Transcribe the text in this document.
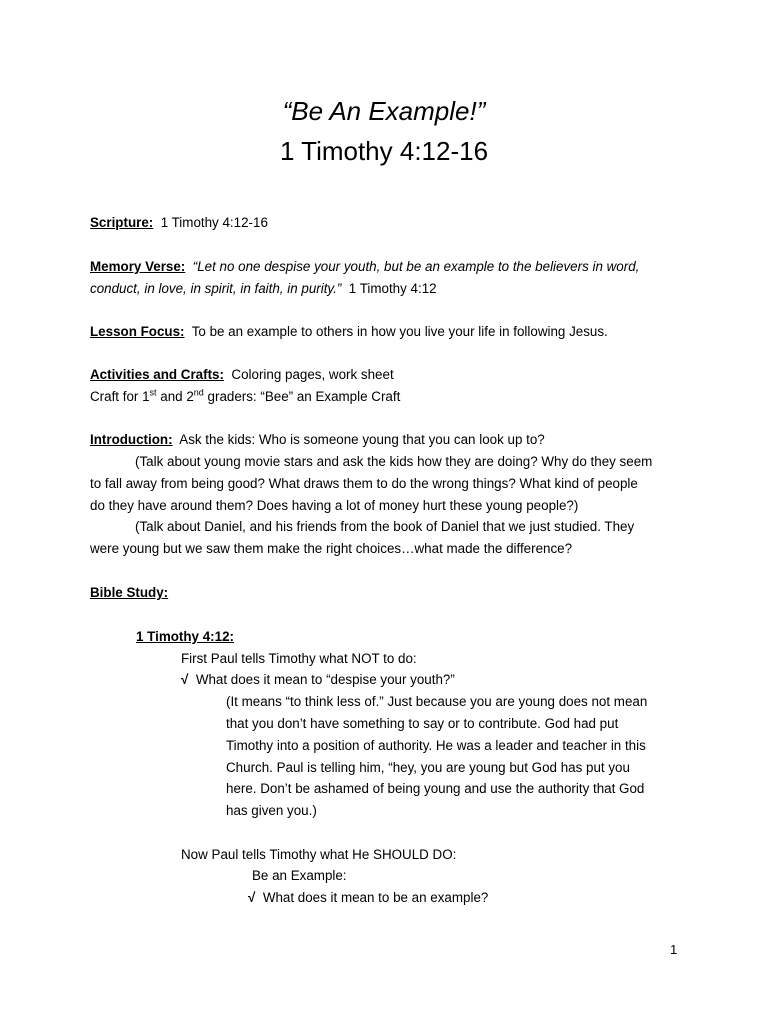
“Be An Example!”
1 Timothy 4:12-16
Scripture: 1 Timothy 4:12-16
Memory Verse: “Let no one despise your youth, but be an example to the believers in word,
conduct, in love, in spirit, in faith, in purity.” 1 Timothy 4:12
Lesson Focus: To be an example to others in how you live your life in following Jesus.
Activities and Crafts: Coloring pages, work sheet
Craft for 1st and 2nd graders: “Bee” an Example Craft
Introduction: Ask the kids: Who is someone young that you can look up to?
(Talk about young movie stars and ask the kids how they are doing? Why do they seem
to fall away from being good? What draws them to do the wrong things? What kind of people
do they have around them? Does having a lot of money hurt these young people?)
(Talk about Daniel, and his friends from the book of Daniel that we just studied. They
were young but we saw them make the right choices…what made the difference?
Bible Study:
1 Timothy 4:12:
First Paul tells Timothy what NOT to do:
√ What does it mean to “despise your youth?”
(It means “to think less of.” Just because you are young does not mean
that you don’t have something to say or to contribute. God had put
Timothy into a position of authority. He was a leader and teacher in this
Church. Paul is telling him, “hey, you are young but God has put you
here. Don’t be ashamed of being young and use the authority that God
has given you.)
Now Paul tells Timothy what He SHOULD DO:
Be an Example:
√ What does it mean to be an example?
1
